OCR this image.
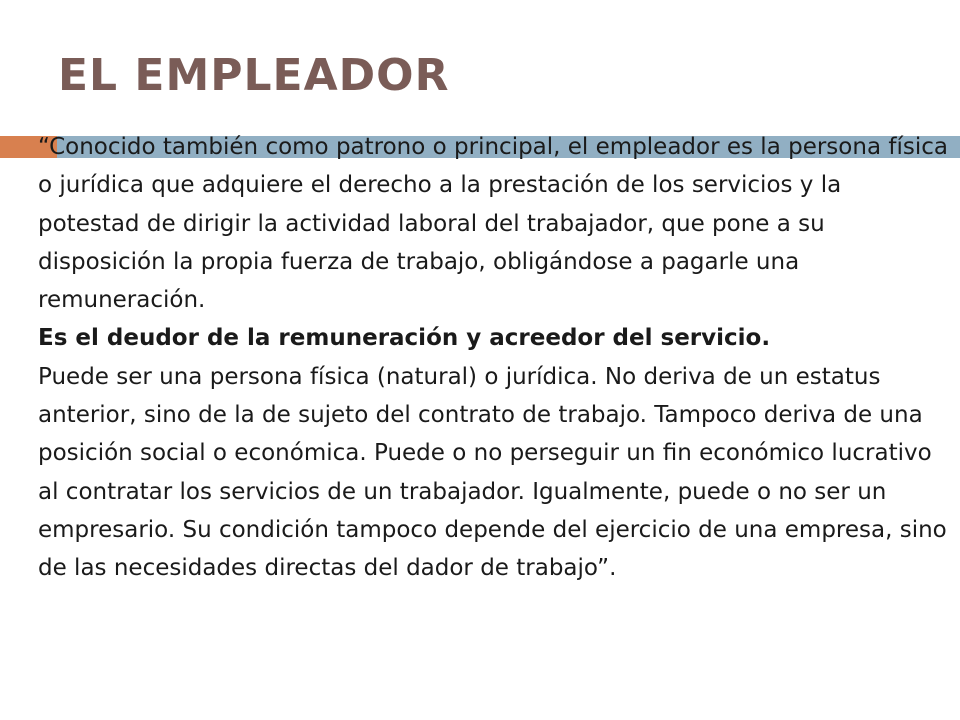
EL EMPLEADOR

“Conocido también como patrono o principal, el empleador es la persona física o jurídica que adquiere el derecho a la prestación de los servicios y la potestad de dirigir la actividad laboral del trabajador, que pone a su disposición la propia fuerza de trabajo, obligándose a pagarle una remuneración.
Es el deudor de la remuneración y acreedor del servicio.
Puede ser una persona física (natural) o jurídica. No deriva de un estatus anterior, sino de la de sujeto del contrato de trabajo. Tampoco deriva de una posición social o económica. Puede o no perseguir un fin económico lucrativo al contratar los servicios de un trabajador. Igualmente, puede o no ser un empresario. Su condición tampoco depende del ejercicio de una empresa, sino de las necesidades directas del dador de trabajo”.
